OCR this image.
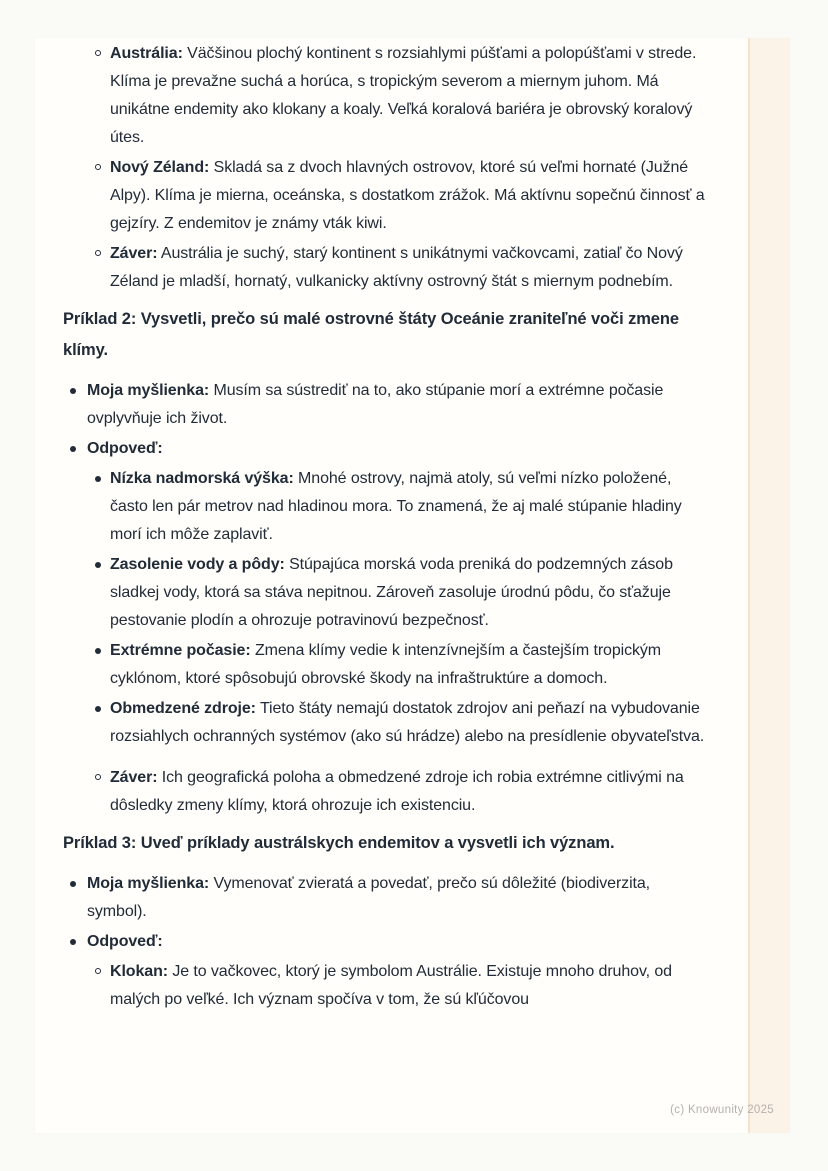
Austrália: Väčšinou plochý kontinent s rozsiahlymi púšťami a polopúšťami v strede. Klíma je prevažne suchá a horúca, s tropickým severom a miernym juhom. Má unikátne endemity ako klokany a koaly. Veľká koralová bariéra je obrovský koralový útes.
Nový Zéland: Skladá sa z dvoch hlavných ostrovov, ktoré sú veľmi hornaté (Južné Alpy). Klíma je mierna, oceánska, s dostatkom zrážok. Má aktívnu sopečnú činnosť a gejzíry. Z endemitov je známy vták kiwi.
Záver: Austrália je suchý, starý kontinent s unikátnymi vačkovcami, zatiaľ čo Nový Zéland je mladší, hornatý, vulkanicky aktívny ostrovný štát s miernym podnebím.
Príklad 2: Vysvetli, prečo sú malé ostrovné štáty Oceánie zraniteľné voči zmene klímy.
Moja myšlienka: Musím sa sústrediť na to, ako stúpanie morí a extrémne počasie ovplyvňuje ich život.
Odpoveď:
Nízka nadmorská výška: Mnohé ostrovy, najmä atoly, sú veľmi nízko položené, často len pár metrov nad hladinou mora. To znamená, že aj malé stúpanie hladiny morí ich môže zaplaviť.
Zasolenie vody a pôdy: Stúpajúca morská voda preniká do podzemných zásob sladkej vody, ktorá sa stáva nepitnou. Zároveň zasoluje úrodnú pôdu, čo sťažuje pestovanie plodín a ohrozuje potravinovú bezpečnosť.
Extrémne počasie: Zmena klímy vedie k intenzívnejším a častejším tropickým cyklónom, ktoré spôsobujú obrovské škody na infraštruktúre a domoch.
Obmedzené zdroje: Tieto štáty nemajú dostatok zdrojov ani peňazí na vybudovanie rozsiahlych ochranných systémov (ako sú hrádze) alebo na presídlenie obyvateľstva.
Záver: Ich geografická poloha a obmedzené zdroje ich robia extrémne citlivými na dôsledky zmeny klímy, ktorá ohrozuje ich existenciu.
Príklad 3: Uveď príklady austrálskych endemitov a vysvetli ich význam.
Moja myšlienka: Vymenovať zvieratá a povedať, prečo sú dôležité (biodiverzita, symbol).
Odpoveď:
Klokan: Je to vačkovec, ktorý je symbolom Austrálie. Existuje mnoho druhov, od malých po veľké. Ich význam spočíva v tom, že sú kľúčovou
(c) Knowunity 2025
